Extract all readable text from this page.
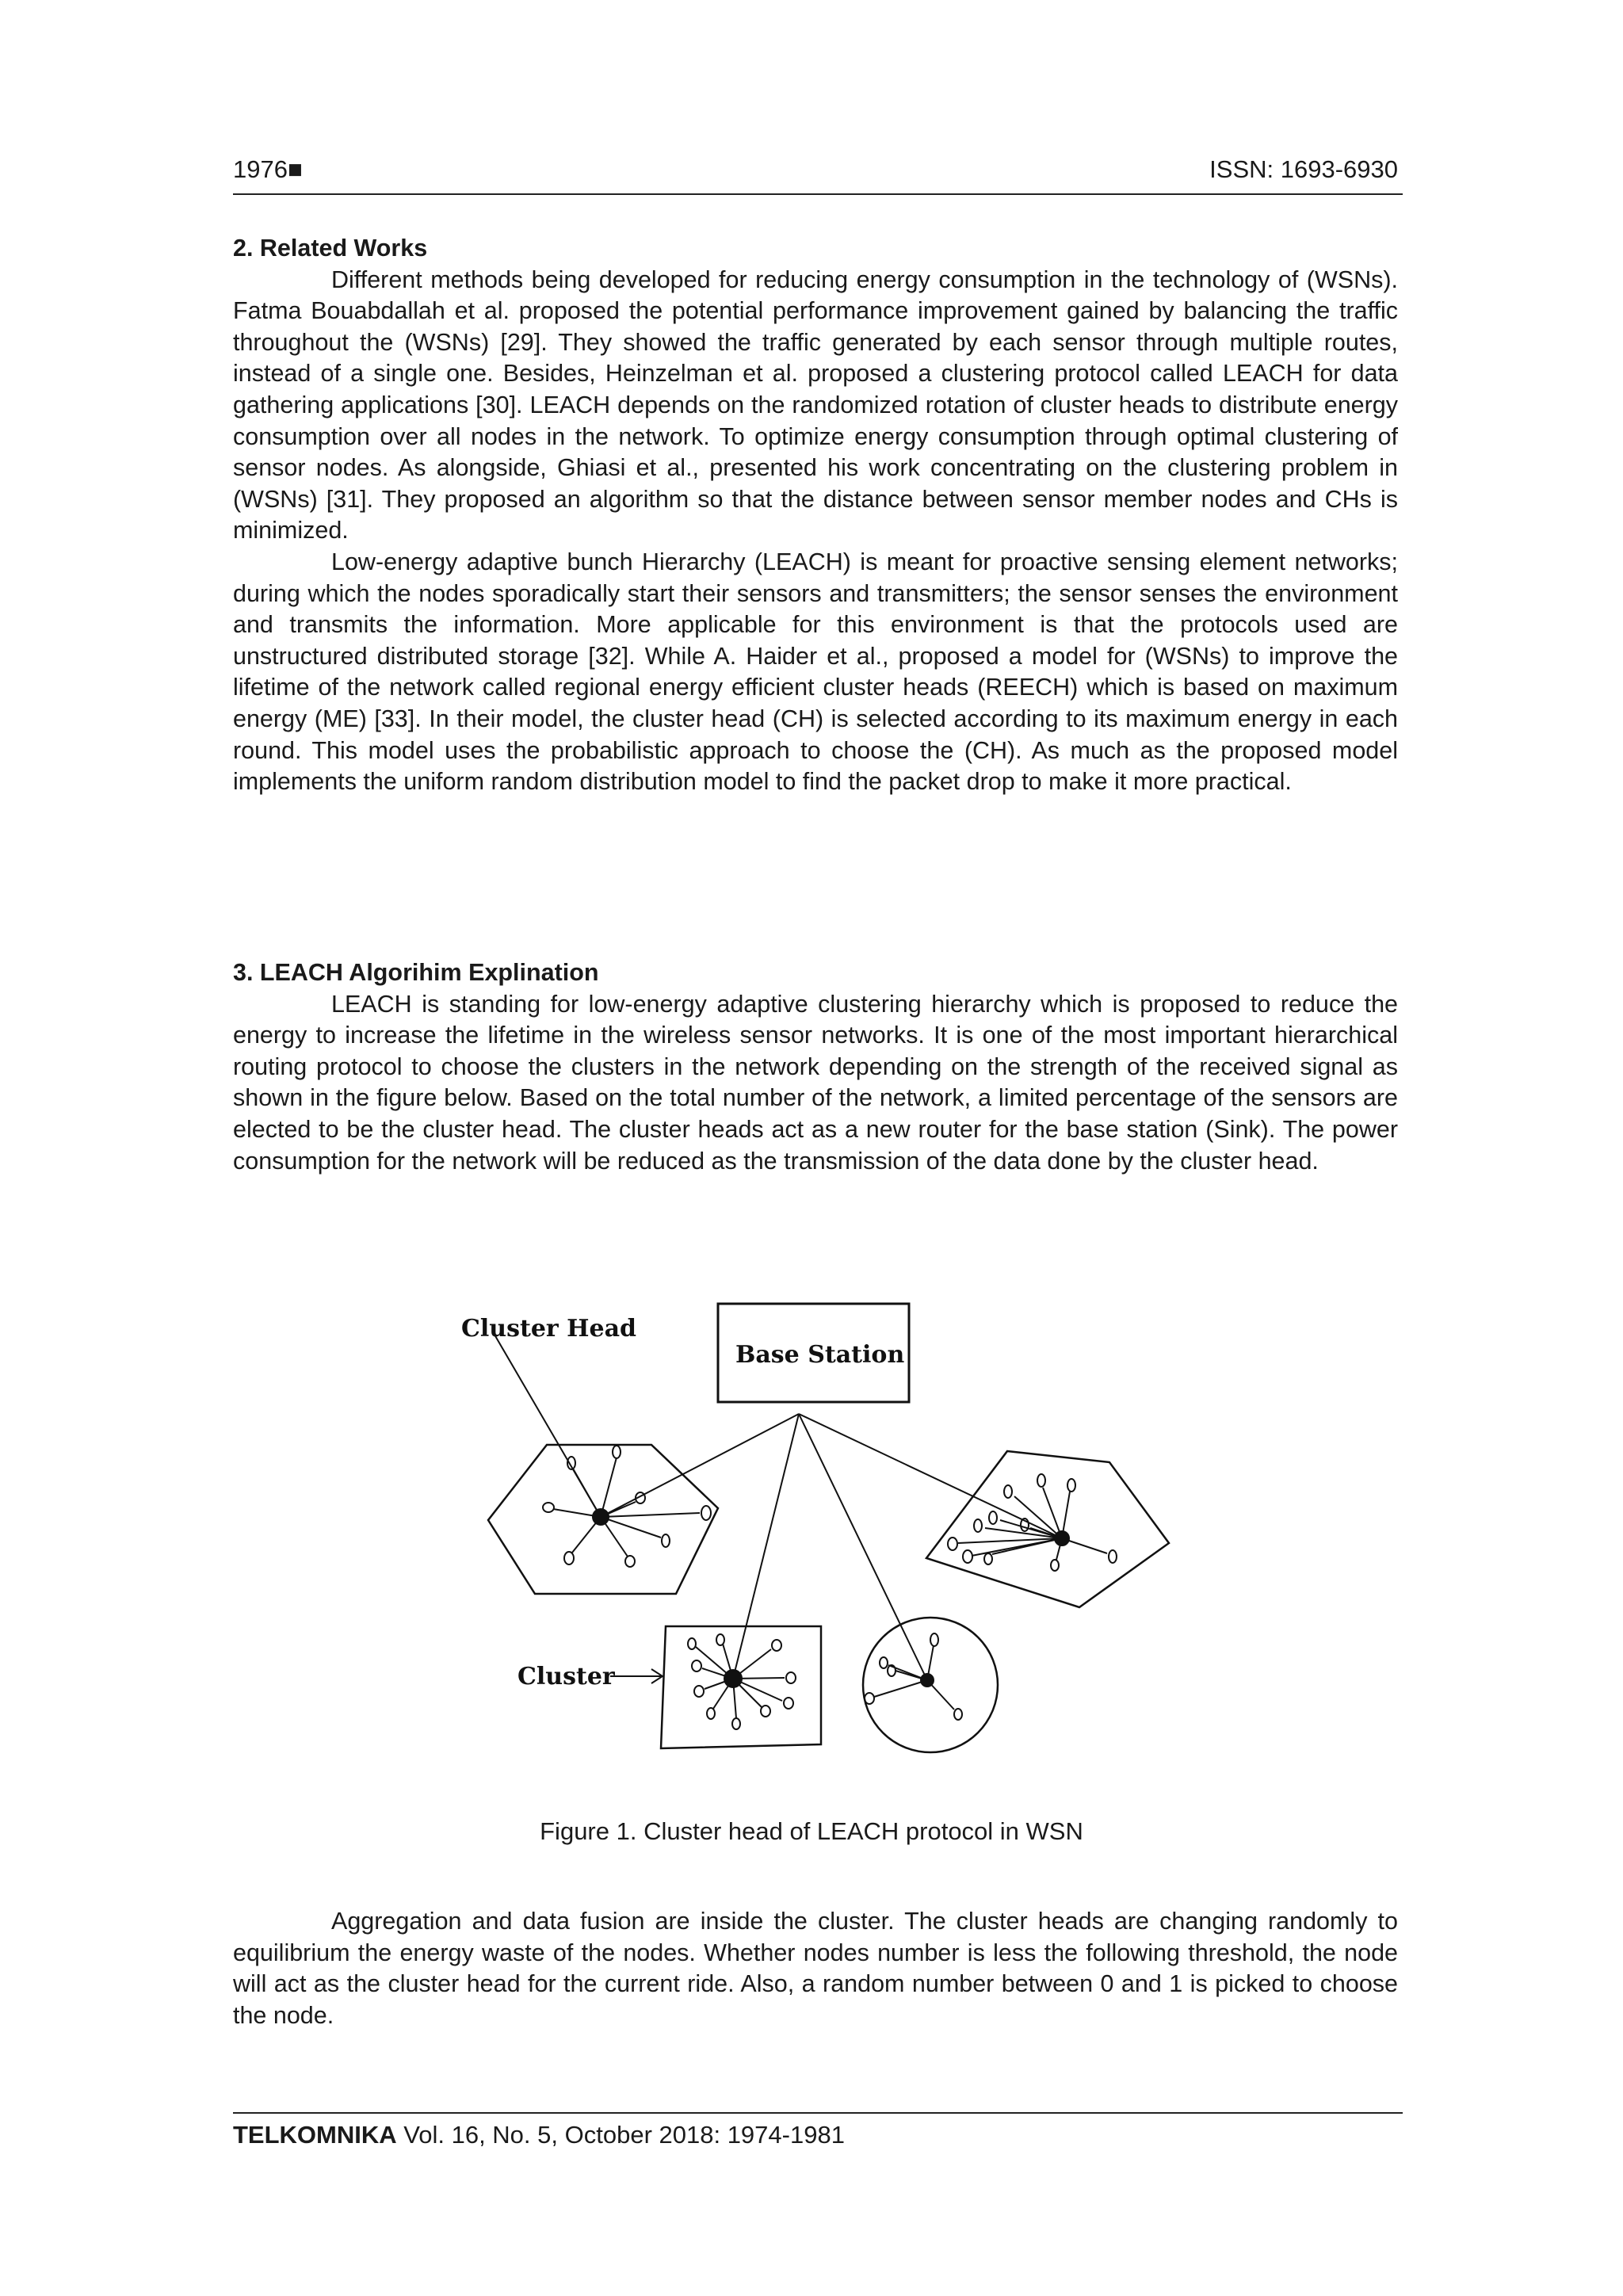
1976■	ISSN: 1693-6930
2. Related Works

Different methods being developed for reducing energy consumption in the technology of (WSNs). Fatma Bouabdallah et al. proposed the potential performance improvement gained by balancing the traffic throughout the (WSNs) [29]. They showed the traffic generated by each sensor through multiple routes, instead of a single one. Besides, Heinzelman et al. proposed a clustering protocol called LEACH for data gathering applications [30]. LEACH depends on the randomized rotation of cluster heads to distribute energy consumption over all nodes in the network. To optimize energy consumption through optimal clustering of sensor nodes. As alongside, Ghiasi et al., presented his work concentrating on the clustering problem in (WSNs) [31]. They proposed an algorithm so that the distance between sensor member nodes and CHs is minimized.

Low-energy adaptive bunch Hierarchy (LEACH) is meant for proactive sensing element networks; during which the nodes sporadically start their sensors and transmitters; the sensor senses the environment and transmits the information. More applicable for this environment is that the protocols used are unstructured distributed storage [32]. While A. Haider et al., proposed a model for (WSNs) to improve the lifetime of the network called regional energy efficient cluster heads (REECH) which is based on maximum energy (ME) [33]. In their model, the cluster head (CH) is selected according to its maximum energy in each round. This model uses the probabilistic approach to choose the (CH). As much as the proposed model implements the uniform random distribution model to find the packet drop to make it more practical.

3. LEACH Algorihim Explination

LEACH is standing for low-energy adaptive clustering hierarchy which is proposed to reduce the energy to increase the lifetime in the wireless sensor networks. It is one of the most important hierarchical routing protocol to choose the clusters in the network depending on the strength of the received signal as shown in the figure below. Based on the total number of the network, a limited percentage of the sensors are elected to be the cluster head. The cluster heads act as a new router for the base station (Sink). The power consumption for the network will be reduced as the transmission of the data done by the cluster head.

Cluster Head
Base Station
Cluster
Figure 1. Cluster head of LEACH protocol in WSN

Aggregation and data fusion are inside the cluster. The cluster heads are changing randomly to equilibrium the energy waste of the nodes. Whether nodes number is less the following threshold, the node will act as the cluster head for the current ride. Also, a random number between 0 and 1 is picked to choose the node.

TELKOMNIKA Vol. 16, No. 5, October 2018: 1974-1981
